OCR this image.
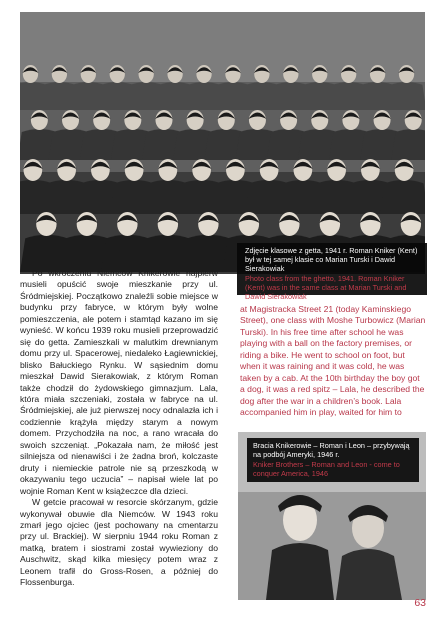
Zdjęcie klasowe z getta, 1941 r. Roman Kniker (Kent) był w tej samej klasie co Marian Turski i Dawid Sierakowiak
Photo class from the ghetto, 1941. Roman Kniker (Kent) was in the same class at Marian Turski and Dawid Sierakowiak

Po wkroczeniu Niemców Knikerowie najpierw musieli opuścić swoje mieszkanie przy ul. Śródmiejskiej. Początkowo znaleźli sobie miejsce w budynku przy fabryce, w którym były wolne pomieszczenia, ale potem i stamtąd kazano im się wynieść. W końcu 1939 roku musieli przeprowadzić się do getta. Zamieszkali w malutkim drewnianym domu przy ul. Spacerowej, niedaleko Łagiewnickiej, blisko Bałuckiego Rynku. W sąsiednim domu mieszkał Dawid Sierakowiak, z którym Roman także chodził do żydowskiego gimnazjum. Lala, która miała szczeniaki, została w fabryce na ul. Śródmiejskiej, ale już pierwszej nocy odnalazła ich i codziennie krążyła między starym a nowym domem. Przychodziła na noc, a rano wracała do swoich szczeniąt. „Pokazała nam, że miłość jest silniejsza od nienawiści i że żadna broń, kolczaste druty i niemieckie patrole nie są przeszkodą w okazywaniu tego uczucia” – napisał wiele lat po wojnie Roman Kent w książeczce dla dzieci.

W getcie pracował w resorcie skórzanym, gdzie wykonywał obuwie dla Niemców. W 1943 roku zmarł jego ojciec (jest pochowany na cmentarzu przy ul. Brackiej). W sierpniu 1944 roku Roman z matką, bratem i siostrami został wywieziony do Auschwitz, skąd kilka miesięcy potem wraz z Leonem trafił do Gross-Rosen, a później do Flossenburga.

at Magistracka Street 21 (today Kaminskiego Street), one class with Moshe Turbowicz (Marian Turski). In his free time after school he was playing with a ball on the factory premises, or riding a bike. He went to school on foot, but when it was raining and it was cold, he was taken by a cab. At the 10th birthday the boy got a dog, it was a red spitz – Lala, he described the dog after the war in a children’s book. Lala accompanied him in play, waited for him to

Bracia Knikerowie – Roman i Leon – przybywają na podbój Ameryki, 1946 r.
Kniker Brothers – Roman and Leon - come to conquer America, 1946
63
